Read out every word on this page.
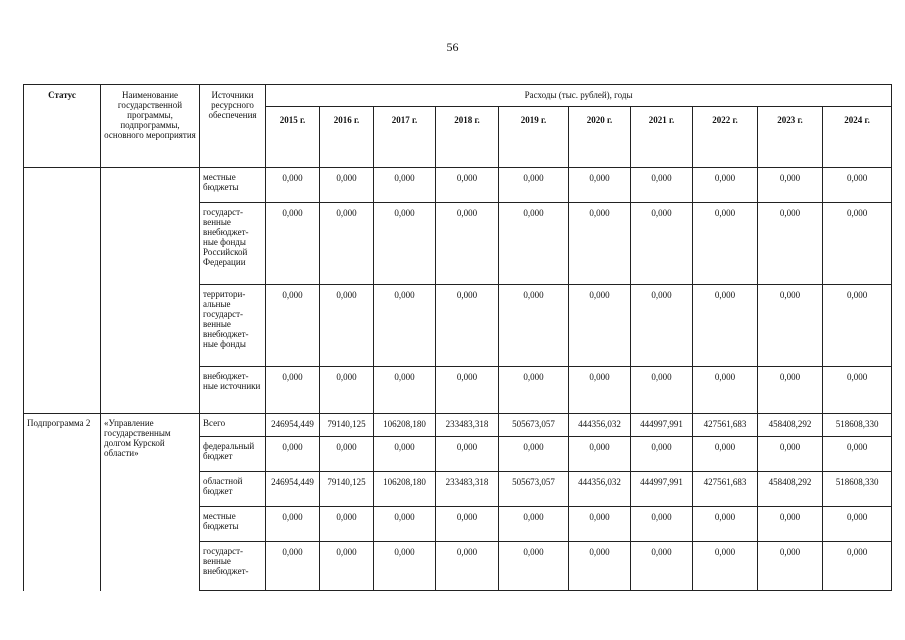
56
Статус	Наименование государственной программы, подпрограммы, основного мероприятия	Источники ресурсного обеспечения	Расходы (тыс. рублей), годы									
			2015 г.	2016 г.	2017 г.	2018 г.	2019 г.	2020 г.	2021 г.	2022 г.	2023 г.	2024 г.
		местные бюджеты	0,000	0,000	0,000	0,000	0,000	0,000	0,000	0,000	0,000	0,000
		государст-венные внебюджет-ные фонды Российской Федерации	0,000	0,000	0,000	0,000	0,000	0,000	0,000	0,000	0,000	0,000
		территори-альные государст-венные внебюджет-ные фонды	0,000	0,000	0,000	0,000	0,000	0,000	0,000	0,000	0,000	0,000
		внебюджет-ные источники	0,000	0,000	0,000	0,000	0,000	0,000	0,000	0,000	0,000	0,000
Подпрограмма 2	«Управление государственным долгом Курской области»	Всего	246954,449	79140,125	106208,180	233483,318	505673,057	444356,032	444997,991	427561,683	458408,292	518608,330
		федеральный бюджет	0,000	0,000	0,000	0,000	0,000	0,000	0,000	0,000	0,000	0,000
		областной бюджет	246954,449	79140,125	106208,180	233483,318	505673,057	444356,032	444997,991	427561,683	458408,292	518608,330
		местные бюджеты	0,000	0,000	0,000	0,000	0,000	0,000	0,000	0,000	0,000	0,000
		государст-венные внебюджет-	0,000	0,000	0,000	0,000	0,000	0,000	0,000	0,000	0,000	0,000
